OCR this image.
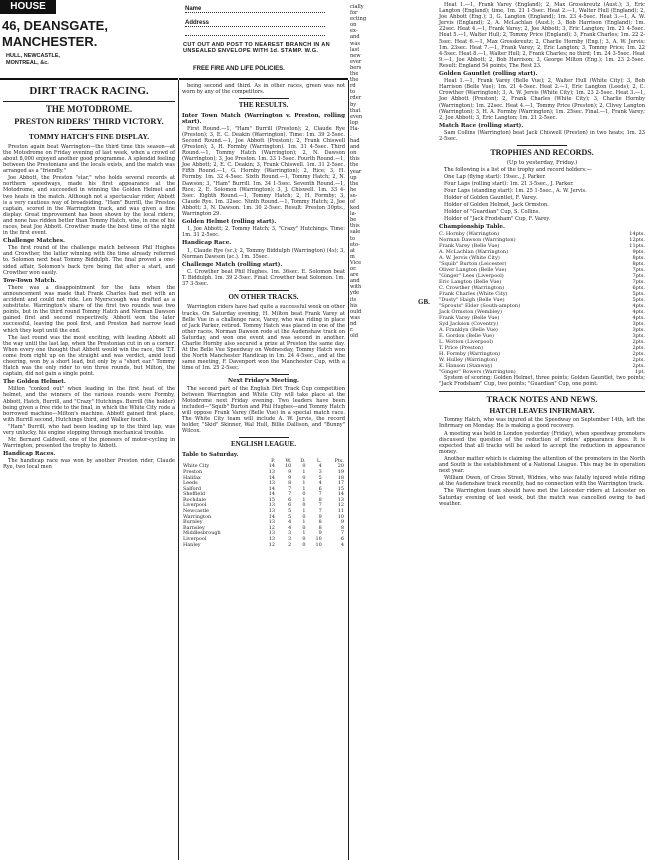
HOUSE
46, DEANSGATE,
MANCHESTER.
HULL, NEWCASTLE,
MONTREAL, &c.
DIRT TRACK RACING.
THE MOTODROME.
PRESTON RIDERS' THIRD VICTORY.
TOMMY HATCH'S FINE DISPLAY.

Preston again beat Warrington—the third time this season—at the Motodrome on Friday evening of last week, when a crowd of about 8,000 enjoyed another good programme. A splendid feeling between the Prestonians and the locals exists, and the match was arranged as a "friendly."

Joe Abbott, the Preston "star," who holds several records at northern speedways, made his first appearance at the Motodrome, and succeeded in winning the Golden Helmet and two heats in the match. Although not a spectacular rider, Abbott is a very cautious way of broadsiding. "Ham" Burrill, the Preston captain, scored in the Warrington track, and was given a fine display. Great improvement has been shown by the local riders, and none has ridden better than Tommy Hatch, who, in one of his races, beat Joe Abbott. Crowther made the best time of the night in the first event.

Challenge Matches.

The first round of the challenge match between Phil Hughes and Crowther, the latter winning with the time already referred to. Solomon next beat Tommy Biddulph. The final proved a one-sided affair, Solomon's back tyre being flat after a start, and Crowther won easily.

Tow-Town Match.

There was a disappointment for the fans when the announcement was made that Frank Charles had met with an accident and could not ride. Len Myerscough was drafted as a substitute. Warrington's share of the first two rounds was two points, but in the third round Tommy Hatch and Norman Dawson gained first and second respectively. Abbott won the later successful, leaving the pool first, and Preston had narrow lead which they kept until the end.

The last round was the most exciting, with leading Abbott all the way until the last lap, when the Prestonian cut in on a corner. When every one thought that Abbott would win the race, the T.T. come from right up on the straight and was verdict, amid loud cheering, won by a short lead, but only by a "short ear." Tommy Hatch was the only rider to win three rounds, but Milton, the captain, did not gain a single point.

The Golden Helmet.

Milton "conked out" when leading in the first heat of the helmet, and the winners of the various rounds were Formby, Abbott, Hatch, Burrill, and "Crazy" Hutchings. Burrill (the holder) being given a free ride to the final, in which the White City rode a borrowed machine—Milton's machine. Abbott gained first place, with Burrill second, Hutchings third, and Walker fourth.

"Ham" Burrill, who had been leading up to the third lap, was very unlucky, his engine stopping through mechanical trouble.

Mr. Bernard Caldwell, one of the pioneers of motor-cycling in Warrington, presented the trophy to Abbott.

Handicap Races.

The handicap race was won by another Preston rider, Claude Rye, two local men

Name
Address
CUT OUT AND POST TO NEAREST BRANCH IN AN UNSEALED ENVELOPE WITH 1d. STAMP. W.G.
FREE FIRE AND LIFE POLICIES.

being second and third. As in other races, green was not worn by any of the competitors.

THE RESULTS.
Inter Town Match (Warrington v. Preston, rolling start).

First Round.—1, "Ham" Burrill (Preston); 2, Claude Rye (Preston); 3, E. C. Deakin (Warrington). Time: 1m. 39 2-5sec. Second Round.—1, Joe Abbott (Preston); 2, Frank Chiswell (Preston); 3, H. Formby (Warrington). 1m. 31 4-5sec. Third Round.—1, Tommy Hatch (Warrington); 2, N. Dawson (Warrington); 3, Joe Preston. 1m. 33 1-5sec. Fourth Round.—1, Joe Abbott; 2, E. C. Deakin; 3, Frank Chiswell. 1m. 31 2-5sec. Fifth Round.—1, G. Hornby (Warrington); 2, Rice; 3, H. Formby. 1m. 32 4-5sec. Sixth Round.—1, Tommy Hatch; 2, N. Dawson; 3, "Ham" Burrill. 1m. 34 1-5sec. Seventh Round.—1, Rice; 2, E. Solomon (Warrington); 3, J. Chiswell. 1m. 33 4-5sec. Eighth Round.—1, Tommy Hatch; 2, H. Formby; 3, Claude Rye. 1m. 32sec. Ninth Round.—1, Tommy Hatch; 2, Joe Abbott; 3, N. Dawson. 1m. 30 2-5sec. Result: Preston 30pts., Warrington 29.

Golden Helmet (rolling start).

1, Joe Abbott; 2, Tommy Hatch; 3, "Crazy" Hutchings. Time: 1m. 31 2-5sec.

Handicap Race.

1, Claude Rye (sc.); 2, Tommy Biddulph (Warrington) (4s); 3, Norman Dawson (sc.). 1m. 35sec.

Challenge Match (rolling start).

C. Crowther beat Phil Hughes. 1m. 36sec. E. Solomon beat T. Biddulph. 1m. 39 2-5sec. Final: Crowther beat Solomon. 1m. 37 3-5sec.

ON OTHER TRACKS.

Warrington riders have had quite a successful week on other tracks. On Saturday evening, H. Milton beat Frank Varey at Belle Vue in a challenge race, Varey, who was riding in place of Jack Parker, retired. Tommy Hatch was placed in one of the other races. Norman Dawson rode at the Audenshaw track on Saturday, and won one event and was second in another. Charlie Hornby also secured a prize at Preston the same day. At the Belle Vue Speedway on Wednesday, Tommy Hatch won the North Manchester Handicap in 1m. 24 4-5sec., and at the same meeting, F. Davenport won the Manchester Cup, with a time of 1m. 25 2-5sec.

Next Friday's Meeting.

The second part of the English Dirt Track Cup competition between Warrington and White City will take place at the Motodrome next Friday evening. Two leaders have been included—"Squib" Burton and Phil Hughes—and Tommy Hatch will oppose Frank Varey (Belle Vue) in a special match race. The White City team will include A. W. Jervis, the record holder, "Skid" Skinner, Wal Hull, Billie Dallison, and "Bunny" Wilcox.

ENGLISH LEAGUE.
Table to Saturday.
	P.	W.	D.	L.	Pts.
White City	14	10	0	4	20
Preston	13	9	1	3	19
Halifax	14	9	0	5	18
Leeds	13	8	1	4	17
Salford	14	7	1	6	15
Sheffield	14	7	0	7	14
Rochdale	15	6	1	8	13
Liverpool	13	6	0	7	12
Newcastle	13	5	1	7	11
Warrington	14	5	0	9	10
Burnley	13	4	1	8	9
Barnsley	12	4	0	8	8
Middlesbrough	13	3	1	9	7
Liverpool	13	3	0	10	6
Hanley	12	2	0	10	4
cially for ecting on ex- and was last new ever bers the the rd to rder by that even lop Ha- . had and on this the year up the he se- of ked la- be this sale to eto- at m Vice or. are and with yde its his ould was nd r. old
GB.

Heat 1.—1, Frank Varey (England); 2, Max Grosskreutz (Aust.); 3, Eric Langton (England); time, 1m. 21 1-5sec. Heat 2.—1, Walter Hull (England); 2, Joe Abbott (Eng.); 3, G. Langton (England); 1m. 23 4-5sec. Heat 3.—1, A. W. Jervis (England); 2, A. McLachlan (Aust.); 3, Bob Harrison (England); 1m. 22sec. Heat 4.—1, Frank Varey; 2, Joe Abbott; 3, Eric Langton; 1m. 21 4-5sec. Heat 5.—1, Walter Hull; 2, Tommy Price (England); 3, Frank Charles; 1m. 22 2-5sec. Heat 6.—1, Max Grosskreutz; 2, Charlie Hornby (Eng.); 3, A. W. Jervis; 1m. 23sec. Heat 7.—1, Frank Varey; 2, Eric Langton; 3, Tommy Price; 1m. 22 4-5sec. Heat 8.—1, Walter Hull; 2, Frank Charles; no third; 1m. 24 3-5sec. Heat 9.—1, Joe Abbott; 2, Bob Harrison; 3, George Milton (Eng.); 1m. 23 2-5sec. Result: England 54 points, The Rest 23.

Golden Gauntlet (rolling start).

Heat 1.—1, Frank Varey (Belle Vue); 2, Walter Hull (White City); 3, Bob Harrison (Belle Vue); 1m. 21 4-5sec. Heat 2.—1, Eric Langton (Leeds); 2, C. Crowther (Warrington); 3, A. W. Jervis (White City); 1m. 23 2-5sec. Heat 3.—1, Joe Abbott (Preston); 2, Frank Charles (White City); 3, Charlie Hornby (Warrington); 1m. 22sec. Heat 4.—1, Tommy Price (Preston); 2, Clivey Langton (Warrington); 3, H. A. Formby (Warrington); 1m. 25sec. Final.—1, Frank Varey; 2, Joe Abbott; 3, Eric Langton; 1m. 21 2-5sec.

Match Race (rolling start).

Sam Collins (Warrington) beat Jack Chiswell (Preston) in two heats; 1m. 23 2-5sec.

TROPHIES AND RECORDS.
(Up to yesterday, Friday.)

The following is a list of the trophy and record holders:—

One Lap (flying start): 19sec., J. Parker.

Four Laps (rolling start): 1m. 21 3-5sec., J. Parker.

Four Laps (standing start): 1m. 25 1-5sec., A. W. Jervis.

Holder of Golden Gauntlet, F. Varey.

Holder of Golden Helmet, Jack Ormston.

Holder of "Guardian" Cup, S. Collins.

Holder of "Jack Frodsham" Cup, F. Varey.

Championship Table.
C. Hornby (Warrington)	14pts.
Norman Dawson (Warrington)	12pts.
Frank Varey (Belle Vue)	11pts.
A. McLachlan (Warrington)	9pts.
A. W. Jervis (White City)	8pts.
"Squib" Burton (Leicester)	8pts.
Oliver Langton (Belle Vue)	7pts.
"Ginger" Lees (Liverpool)	7pts.
Eric Langton (Belle Vue)	7pts.
C. Crowther (Warrington)	6pts.
Frank Charles (White City)	5pts.
"Dusty" Haigh (Belle Vue)	5pts.
"Sprouts" Elder (South-ampton)	4pts.
Jack Ormston (Wembley)	4pts.
Frank Varey (Belle Vue)	4pts.
Syd Jackson (Coventry)	3pts.
A. Franklyn (Belle Vue)	3pts.
E. Gordon (Belle Vue)	3pts.
L. Wotton (Liverpool)	2pts.
T. Price (Preston)	2pts.
H. Formby (Warrington)	2pts.
W. Hulley (Warrington)	2pts.
K. Hanson (Stanway)	2pts.
"Ginger" Bowers (Warrington)	1pt.

System of scoring: Golden Helmet, three points; Golden Gauntlet, two points; "Jack Frodsham" Cup, two points; "Guardian" Cup, one point.

TRACK NOTES AND NEWS.
HATCH LEAVES INFIRMARY.

Tommy Hatch, who was injured at the Speedway on September 14th, left the Infirmary on Monday. He is making a good recovery.

A meeting was held in London yesterday (Friday), when speedway promoters discussed the question of the reduction of riders' appearance fees. It is expected that all tracks will be asked to accept the reduction in appearance money.

Another matter which is claiming the attention of the promoters in the North and South is the establishment of a National League. This may be in operation next year.

William Owen, of Cross Street, Widnes, who was fatally injured while riding at the Audenshaw track recently, had no connection with the Warrington track.

The Warrington team should have met the Leicester riders at Leicester on Saturday evening of last week, but the match was cancelled owing to bad weather.
